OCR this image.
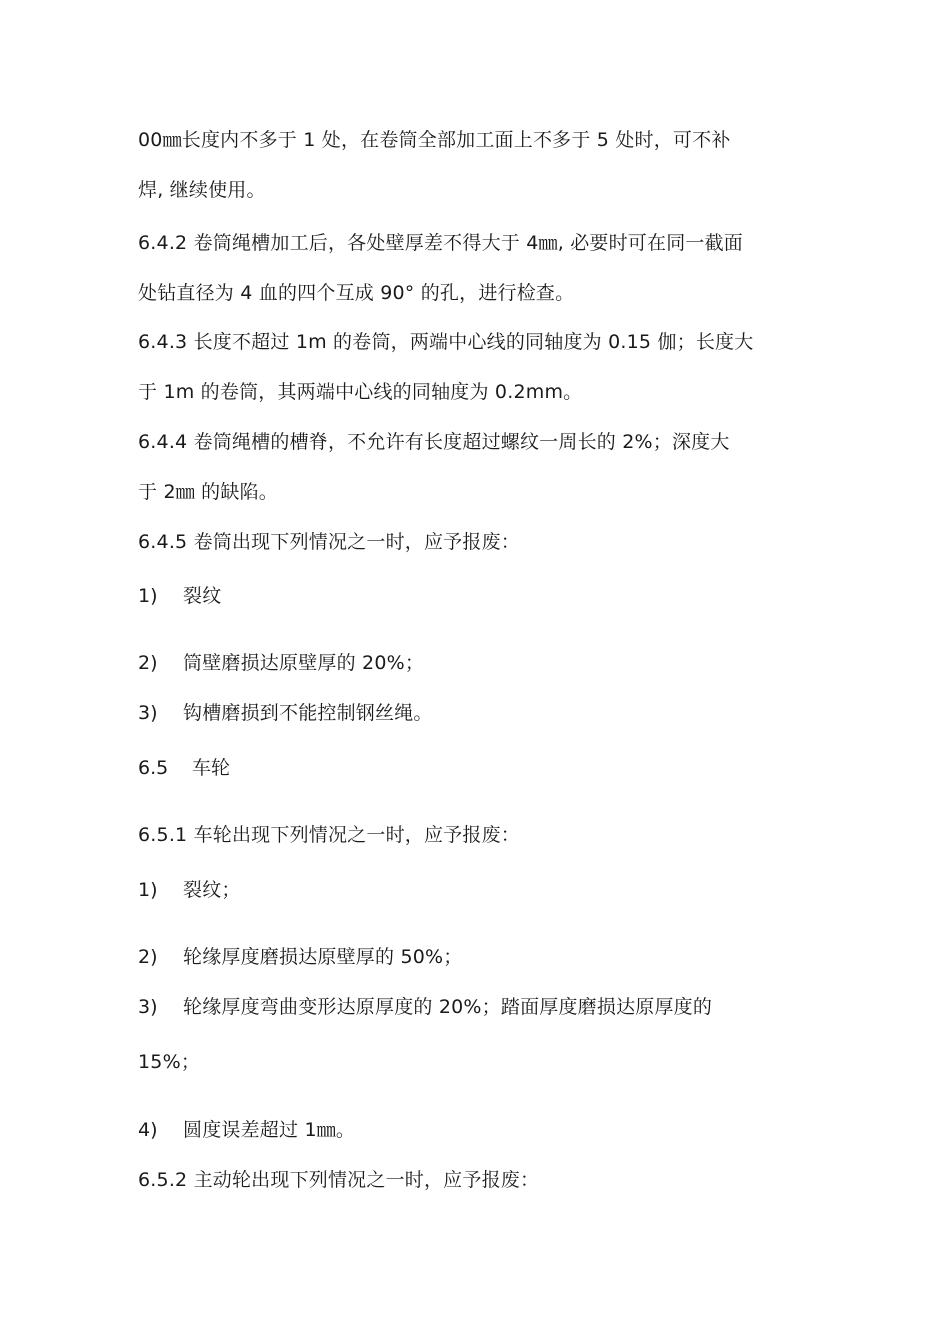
00㎜长度内不多于 1 处，在卷筒全部加工面上不多于 5 处时，可不补
焊, 继续使用。
6.4.2 卷筒绳槽加工后，各处壁厚差不得大于 4㎜, 必要时可在同一截面
处钻直径为 4 血的四个互成 90° 的孔，进行检查。
6.4.3 长度不超过 1m 的卷筒，两端中心线的同轴度为 0.15 伽；长度大
于 1m 的卷筒，其两端中心线的同轴度为 0.2mm。
6.4.4 卷筒绳槽的槽脊，不允许有长度超过螺纹一周长的 2%；深度大
于 2㎜ 的缺陷。
6.4.5 卷筒出现下列情况之一时，应予报废：
1) 裂纹
2) 筒壁磨损达原壁厚的 20%；
3) 钩槽磨损到不能控制钢丝绳。
6.5 车轮
6.5.1 车轮出现下列情况之一时，应予报废：
1) 裂纹；
2) 轮缘厚度磨损达原壁厚的 50%；
3) 轮缘厚度弯曲变形达原厚度的 20%；踏面厚度磨损达原厚度的
15%；
4) 圆度误差超过 1㎜。
6.5.2 主动轮出现下列情况之一时，应予报废：
